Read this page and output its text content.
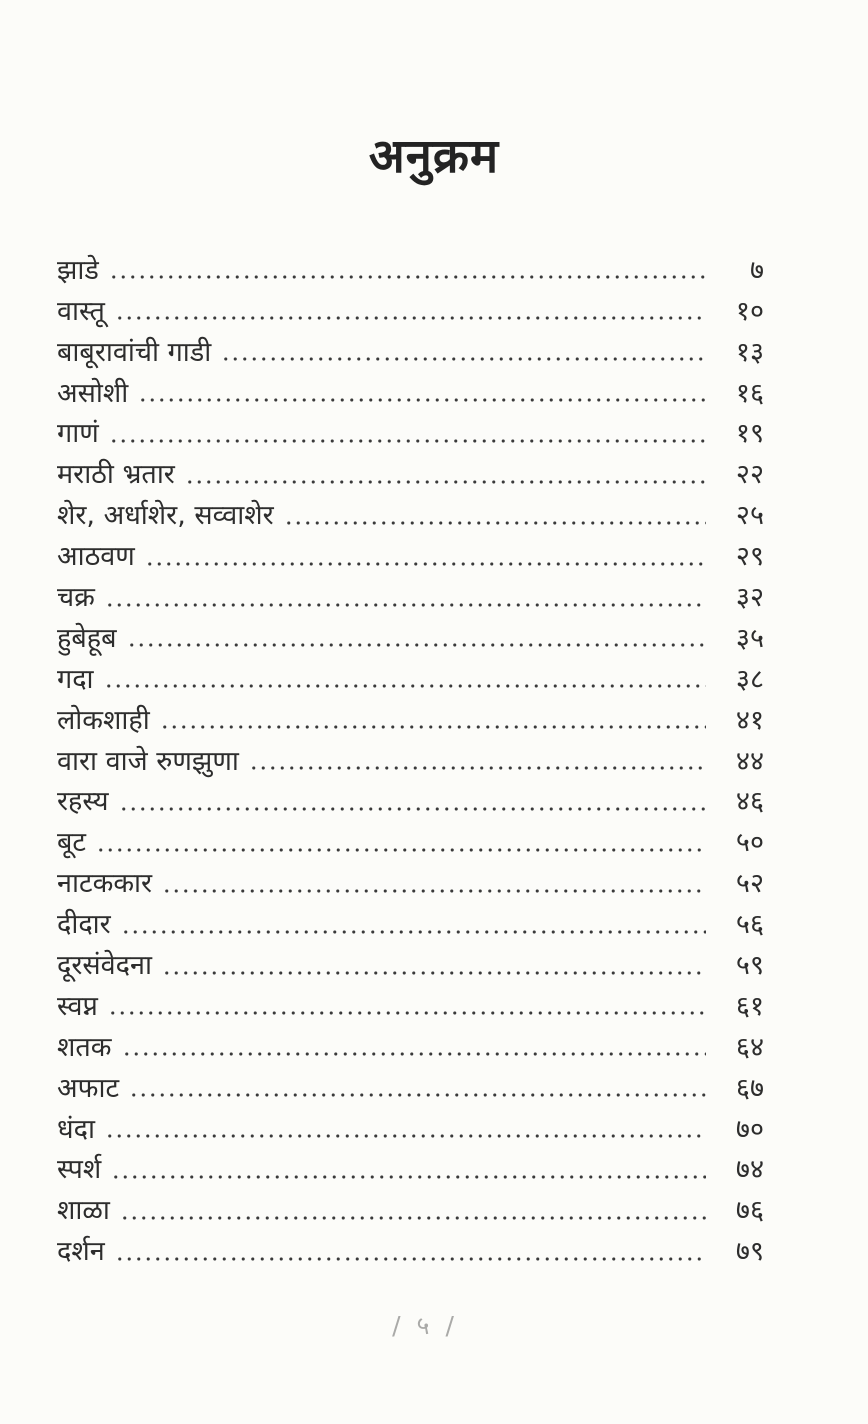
अनुक्रम
झाडे	७
वास्तू	१०
बाबूरावांची गाडी	१३
असोशी	१६
गाणं	१९
मराठी भ्रतार	२२
शेर, अर्धाशेर, सव्वाशेर	२५
आठवण	२९
चक्र	३२
हुबेहूब	३५
गदा	३८
लोकशाही	४१
वारा वाजे रुणझुणा	४४
रहस्य	४६
बूट	५०
नाटककार	५२
दीदार	५६
दूरसंवेदना	५९
स्वप्न	६१
शतक	६४
अफाट	६७
धंदा	७०
स्पर्श	७४
शाळा	७६
दर्शन	७९
/ ५ /
